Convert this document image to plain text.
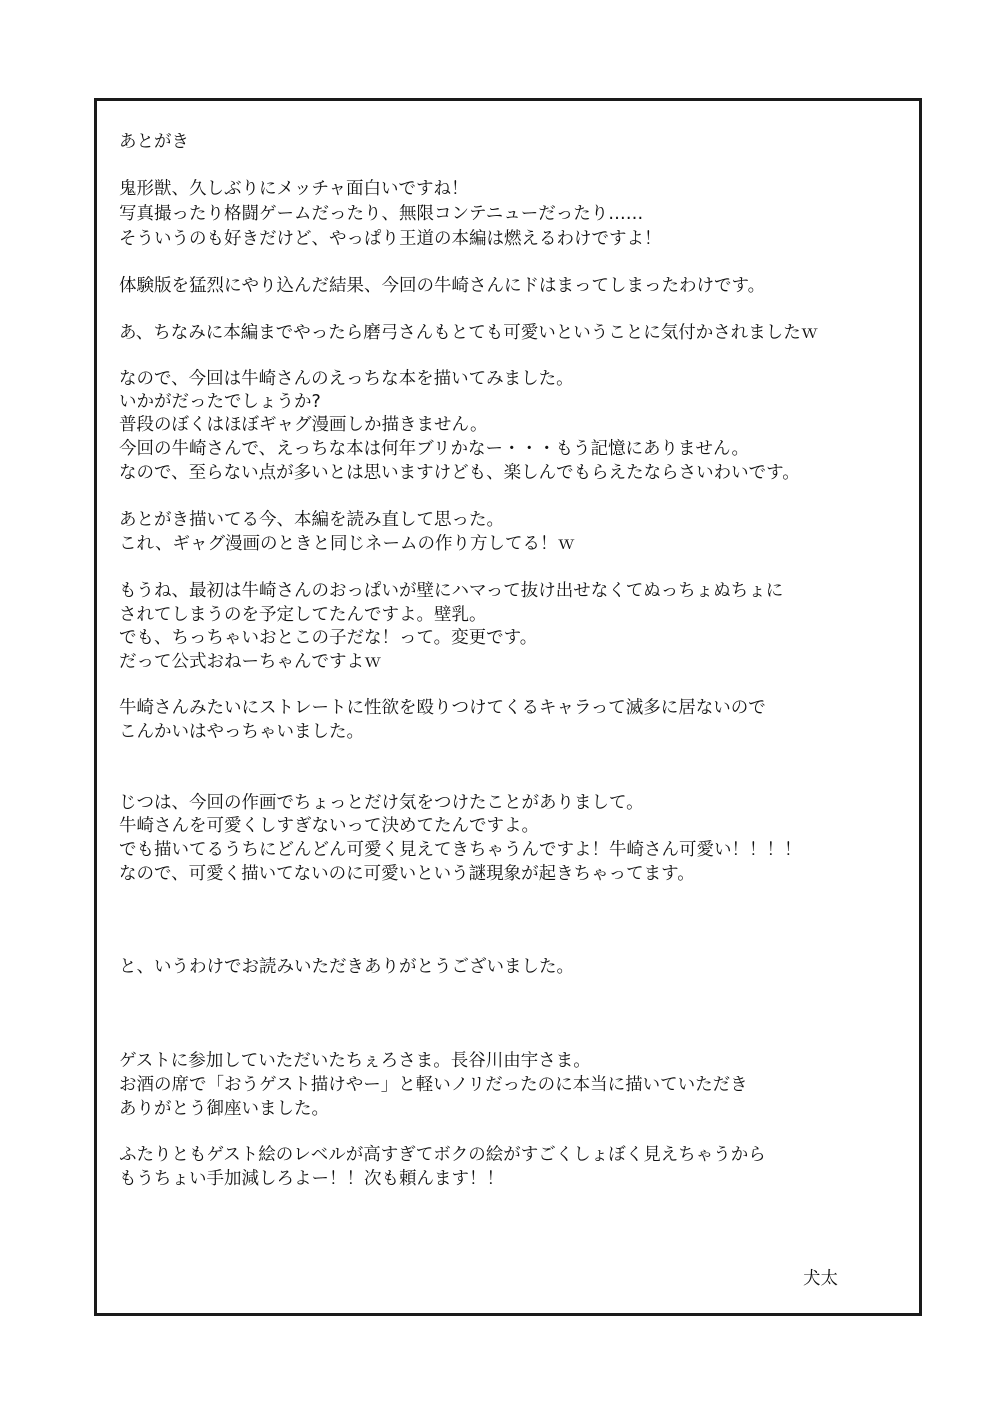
あとがき
鬼形獣、久しぶりにメッチャ面白いですね！
写真撮ったり格闘ゲームだったり、無限コンテニューだったり……
そういうのも好きだけど、やっぱり王道の本編は燃えるわけですよ！
体験版を猛烈にやり込んだ結果、今回の牛崎さんにドはまってしまったわけです。
あ、ちなみに本編までやったら磨弓さんもとても可愛いということに気付かされましたｗ
なので、今回は牛崎さんのえっちな本を描いてみました。
いかがだったでしょうか?
普段のぼくはほぼギャグ漫画しか描きません。
今回の牛崎さんで、えっちな本は何年ブリかなー・・・もう記憶にありません。
なので、至らない点が多いとは思いますけども、楽しんでもらえたならさいわいです。
あとがき描いてる今、本編を読み直して思った。
これ、ギャグ漫画のときと同じネームの作り方してる！ｗ
もうね、最初は牛崎さんのおっぱいが壁にハマって抜け出せなくてぬっちょぬちょに
されてしまうのを予定してたんですよ。壁乳。
でも、ちっちゃいおとこの子だな！って。変更です。
だって公式おねーちゃんですよｗ
牛崎さんみたいにストレートに性欲を殴りつけてくるキャラって滅多に居ないので
こんかいはやっちゃいました。
じつは、今回の作画でちょっとだけ気をつけたことがありまして。
牛崎さんを可愛くしすぎないって決めてたんですよ。
でも描いてるうちにどんどん可愛く見えてきちゃうんですよ！牛崎さん可愛い！！！！
なので、可愛く描いてないのに可愛いという謎現象が起きちゃってます。
と、いうわけでお読みいただきありがとうございました。
ゲストに参加していただいたちぇろさま。長谷川由宇さま。
お酒の席で「おうゲスト描けやー」と軽いノリだったのに本当に描いていただき
ありがとう御座いました。
ふたりともゲスト絵のレベルが高すぎてボクの絵がすごくしょぼく見えちゃうから
もうちょい手加減しろよー！！次も頼んます！！
犬太
